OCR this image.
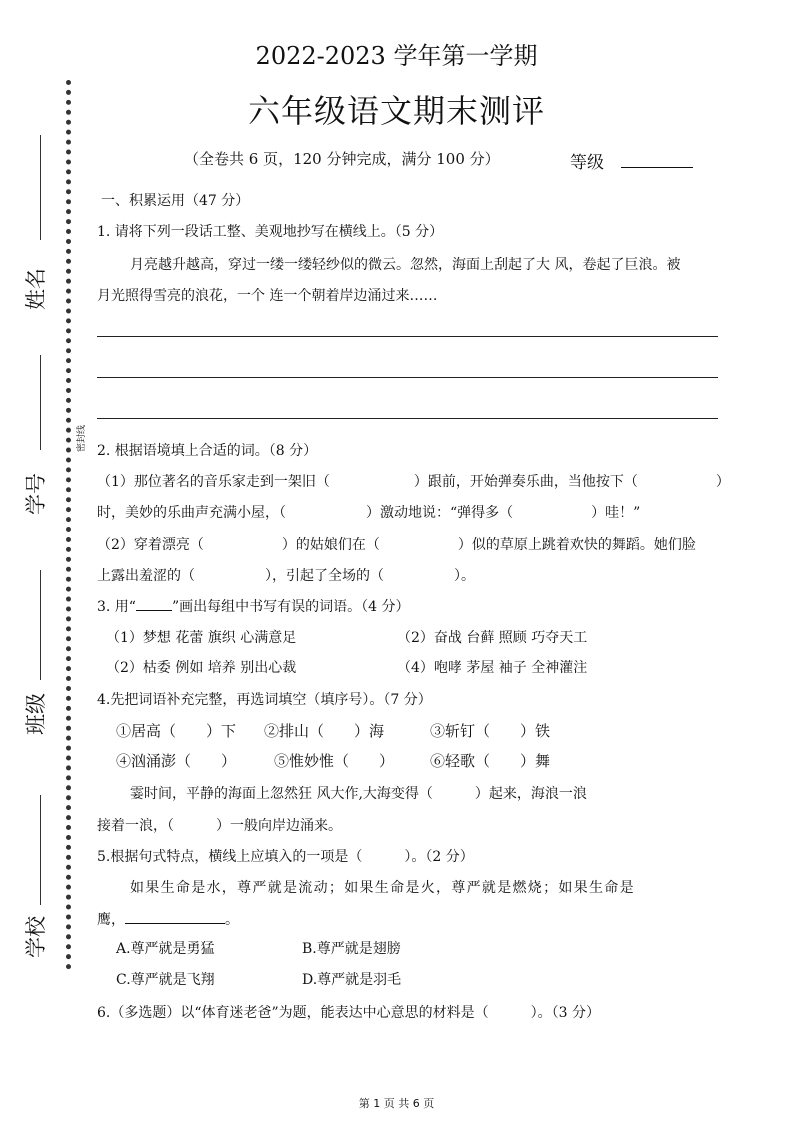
姓名
学号
班级
学校
密封线
2022-2023 学年第一学期
六年级语文期末测评
（全卷共 6 页，120 分钟完成，满分 100 分）	等级
一、积累运用（47 分）
1. 请将下列一段话工整、美观地抄写在横线上。（5 分）
月亮越升越高，穿过一缕一缕轻纱似的微云。忽然，海面上刮起了大 风，卷起了巨浪。被
月光照得雪亮的浪花，一个 连一个朝着岸边涌过来……
2. 根据语境填上合适的词。（8 分）
（1）那位著名的音乐家走到一架旧（	）跟前，开始弹奏乐曲，当他按下（	）
时，美妙的乐曲声充满小屋，（	）激动地说：“弹得多（	）哇！”
（2）穿着漂亮（	）的姑娘们在（	）似的草原上跳着欢快的舞蹈。她们脸
上露出羞涩的（	），引起了全场的（	）。
3. 用“	”画出每组中书写有误的词语。（4 分）
（1）梦想 花蕾 旗织 心满意足	（2）奋战 台藓 照顾 巧夺天工
（2）枯委 例如 培养 别出心裁	（4）咆哮 茅屋 袖子 全神灌注
4.先把词语补充完整，再选词填空（填序号）。（7 分）
①居高（　　）下 ②排山（　　）海	③斩钉（　　）铁
④汹涌澎（　　）	⑤惟妙惟（　　） ⑥轻歌（　　）舞
霎时间，平静的海面上忽然狂 风大作,大海变得（　　　）起来，海浪一浪
接着一浪，（　　　）一般向岸边涌来。
5.根据句式特点，横线上应填入的一项是（　　　）。（2 分）
如果生命是水，尊严就是流动；如果生命是火，尊严就是燃烧；如果生命是
鹰，	。
A.尊严就是勇猛	B.尊严就是翅膀
C.尊严就是飞翔	D.尊严就是羽毛
6.（多选题）以“体育迷老爸”为题，能表达中心意思的材料是（　　　）。（3 分）
第 1 页 共 6 页
